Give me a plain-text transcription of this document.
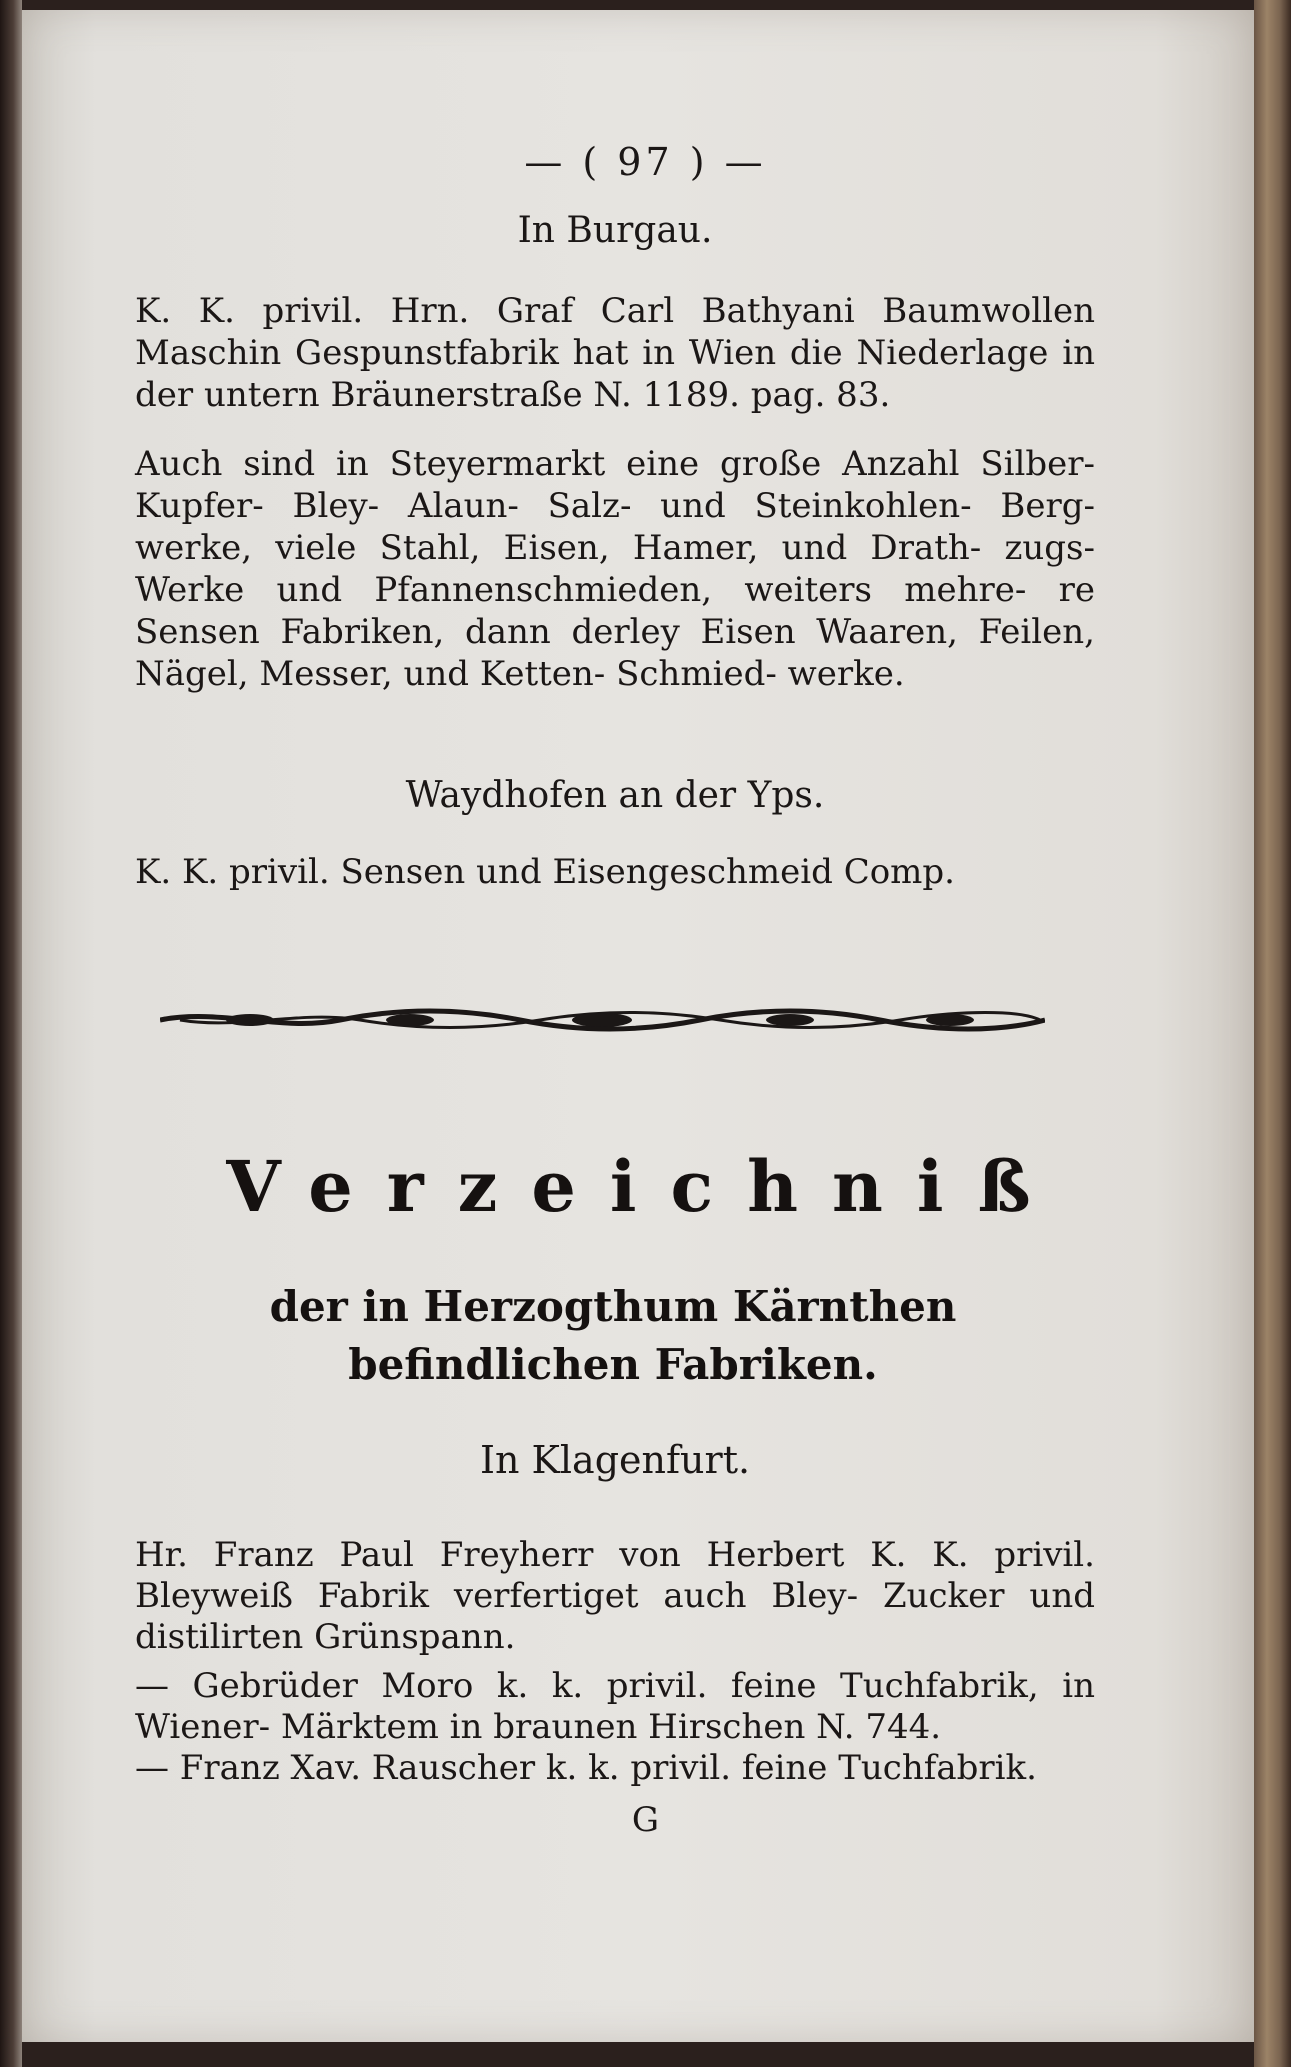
— ( 97 ) —
In Burgau.
K. K. privil. Hrn. Graf Carl Bathyani Baumwollen Maschin Gespunstfabrik hat in Wien die Niederlage in der untern Bräunerstraße N. 1189. pag. 83.
Auch sind in Steyermarkt eine große Anzahl Silber- Kupfer- Bley- Alaun- Salz- und Steinkohlen- Berg- werke, viele Stahl, Eisen, Hamer, und Drath- zugs- Werke und Pfannenschmieden, weiters mehre- re Sensen Fabriken, dann derley Eisen Waaren, Feilen, Nägel, Messer, und Ketten- Schmied- werke.
Waydhofen an der Yps.
K. K. privil. Sensen und Eisengeschmeid Comp.
Verzeichniß
der in Herzogthum Kärnthen befindlichen Fabriken.
In Klagenfurt.
Hr. Franz Paul Freyherr von Herbert K. K. privil. Bleyweiß Fabrik verfertiget auch Bley- Zucker und distilirten Grünspann.
— Gebrüder Moro k. k. privil. feine Tuchfabrik, in Wiener- Märktem in braunen Hirschen N. 744.
— Franz Xav. Rauscher k. k. privil. feine Tuchfabrik.
G
